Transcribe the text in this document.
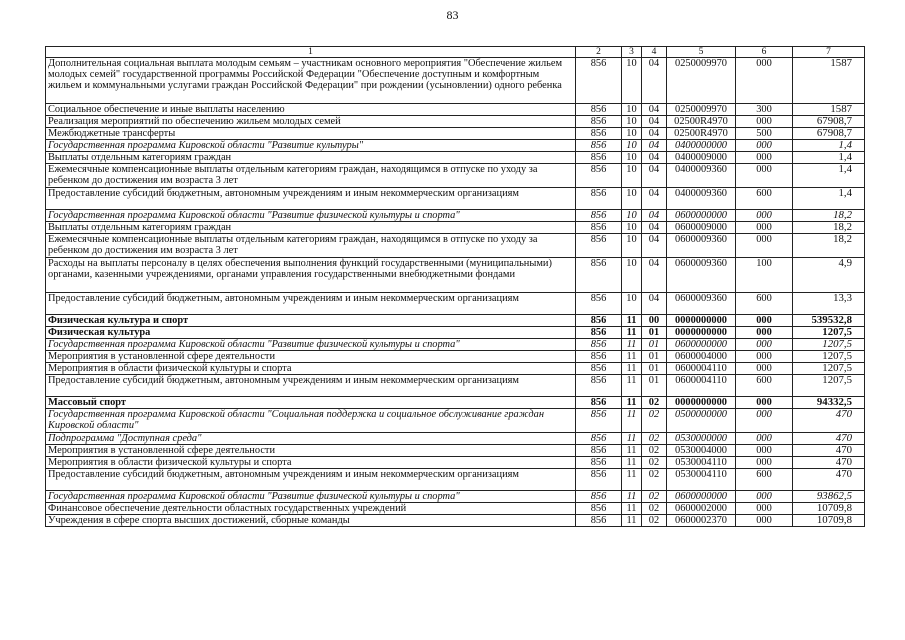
83
1	2	3	4	5	6	7
Дополнительная социальная выплата молодым семьям – участникам основного мероприятия "Обеспечение жильем молодых семей" государственной программы Российской Федерации "Обеспечение доступным и комфортным жильем и коммунальными услугами граждан Российской Федерации" при рождении (усыновлении) одного ребенка	856	10	04	0250009970	000	1587
Социальное обеспечение и иные выплаты населению	856	10	04	0250009970	300	1587
Реализация мероприятий по обеспечению жильем молодых семей	856	10	04	02500R4970	000	67908,7
Межбюджетные трансферты	856	10	04	02500R4970	500	67908,7
Государственная программа Кировской области "Развитие культуры"	856	10	04	0400000000	000	1,4
Выплаты отдельным категориям граждан	856	10	04	0400009000	000	1,4
Ежемесячные компенсационные выплаты отдельным категориям граждан, находящимся в отпуске по уходу за ребенком до достижения им возраста 3 лет	856	10	04	0400009360	000	1,4
Предоставление субсидий бюджетным, автономным учреждениям и иным некоммерческим организациям	856	10	04	0400009360	600	1,4
Государственная программа Кировской области "Развитие физической культуры и спорта"	856	10	04	0600000000	000	18,2
Выплаты отдельным категориям граждан	856	10	04	0600009000	000	18,2
Ежемесячные компенсационные выплаты отдельным категориям граждан, находящимся в отпуске по уходу за ребенком до достижения им возраста 3 лет	856	10	04	0600009360	000	18,2
Расходы на выплаты персоналу в целях обеспечения выполнения функций государственными (муниципальными) органами, казенными учреждениями, органами управления государственными внебюджетными фондами	856	10	04	0600009360	100	4,9
Предоставление субсидий бюджетным, автономным учреждениям и иным некоммерческим организациям	856	10	04	0600009360	600	13,3
Физическая культура и спорт	856	11	00	0000000000	000	539532,8
Физическая культура	856	11	01	0000000000	000	1207,5
Государственная программа Кировской области "Развитие физической культуры и спорта"	856	11	01	0600000000	000	1207,5
Мероприятия в установленной сфере деятельности	856	11	01	0600004000	000	1207,5
Мероприятия в области физической культуры и спорта	856	11	01	0600004110	000	1207,5
Предоставление субсидий бюджетным, автономным учреждениям и иным некоммерческим организациям	856	11	01	0600004110	600	1207,5
Массовый спорт	856	11	02	0000000000	000	94332,5
Государственная программа Кировской области "Социальная поддержка и социальное обслуживание граждан Кировской области"	856	11	02	0500000000	000	470
Подпрограмма "Доступная среда"	856	11	02	0530000000	000	470
Мероприятия в установленной сфере деятельности	856	11	02	0530004000	000	470
Мероприятия в области физической культуры и спорта	856	11	02	0530004110	000	470
Предоставление субсидий бюджетным, автономным учреждениям и иным некоммерческим организациям	856	11	02	0530004110	600	470
Государственная программа Кировской области "Развитие физической культуры и спорта"	856	11	02	0600000000	000	93862,5
Финансовое обеспечение деятельности областных государственных учреждений	856	11	02	0600002000	000	10709,8
Учреждения в сфере спорта высших достижений, сборные команды	856	11	02	0600002370	000	10709,8
